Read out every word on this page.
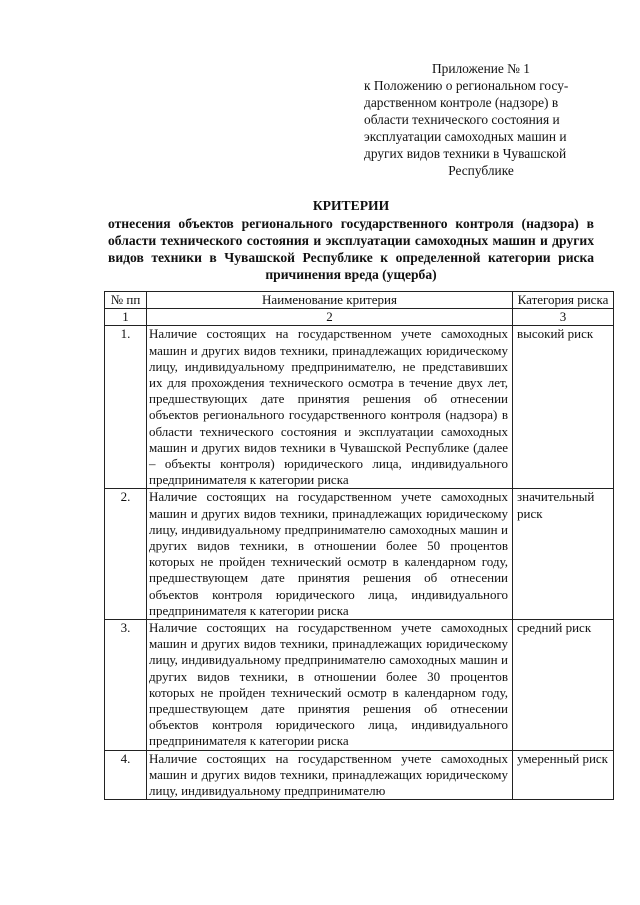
Приложение № 1
к Положению о региональном госу-
дарственном контроле (надзоре) в
области технического состояния и
эксплуатации самоходных машин и
других видов техники в Чувашской
Республике
КРИТЕРИИ
отнесения объектов регионального государственного контроля (надзора) в области технического состояния и эксплуатации самоходных машин и других видов техники в Чувашской Республике к определенной категории риска причинения вреда (ущерба)
№ пп	Наименование критерия	Категория риска
1	2	3
1.	Наличие состоящих на государственном учете самоходных машин и других видов техники, принадлежащих юридическому лицу, индивидуальному предпринимателю, не представивших их для прохождения технического осмотра в течение двух лет, предшествующих дате принятия решения об отнесении объектов регионального государственного контроля (надзора) в области технического состояния и эксплуатации самоходных машин и других видов техники в Чувашской Республике (далее – объекты контроля) юридического лица, индивидуального предпринимателя к категории риска	высокий риск
2.	Наличие состоящих на государственном учете самоходных машин и других видов техники, принадлежащих юридическому лицу, индивидуальному предпринимателю самоходных машин и других видов техники, в отношении более 50 процентов которых не пройден технический осмотр в календарном году, предшествующем дате принятия решения об отнесении объектов контроля юридического лица, индивидуального предпринимателя к категории риска	значительный риск
3.	Наличие состоящих на государственном учете самоходных машин и других видов техники, принадлежащих юридическому лицу, индивидуальному предпринимателю самоходных машин и других видов техники, в отношении более 30 процентов которых не пройден технический осмотр в календарном году, предшествующем дате принятия решения об отнесении объектов контроля юридического лица, индивидуального предпринимателя к категории риска	средний риск
4.	Наличие состоящих на государственном учете самоходных машин и других видов техники, принадлежащих юридическому лицу, индивидуальному предпринимателю	умеренный риск
